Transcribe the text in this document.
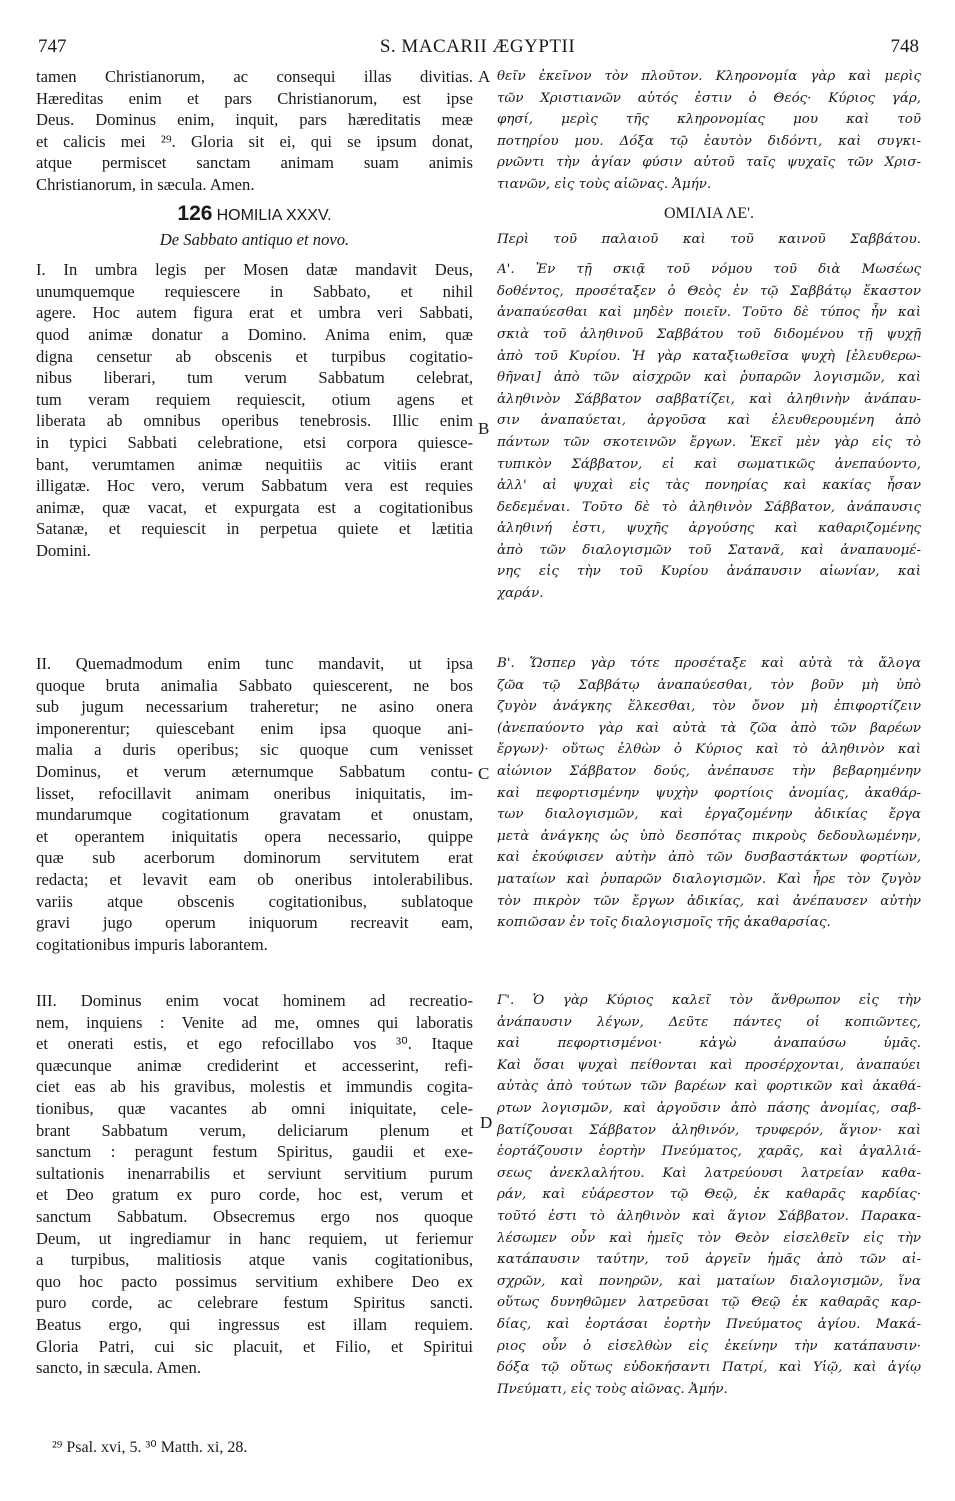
747	S. MACARII ÆGYPTII	748
tamen Christianorum, ac consequi illas divitias.
Hæreditas enim et pars Christianorum, est ipse
Deus. Dominus enim, inquit, pars hæreditatis meæ
et calicis mei ²⁹. Gloria sit ei, qui se ipsum donat,
atque permiscet sanctam animam suam animis
Christianorum, in sæcula. Amen.
126 HOMILIA XXXV.
De Sabbato antiquo et novo.
I. In umbra legis per Mosen datæ mandavit Deus,
unumquemque requiescere in Sabbato, et nihil
agere. Hoc autem figura erat et umbra veri Sabbati,
quod animæ donatur a Domino. Anima enim, quæ
digna censetur ab obscenis et turpibus cogitatio-
nibus liberari, tum verum Sabbatum celebrat,
tum veram requiem requiescit, otium agens et
liberata ab omnibus operibus tenebrosis. Illic enim
in typici Sabbati celebratione, etsi corpora quiesce-
bant, verumtamen animæ nequitiis ac vitiis erant
illigatæ. Hoc vero, verum Sabbatum vera est requies
animæ, quæ vacat, et expurgata est a cogitationibus
Satanæ, et requiescit in perpetua quiete et lætitia
Domini.
II. Quemadmodum enim tunc mandavit, ut ipsa
quoque bruta animalia Sabbato quiescerent, ne bos
sub jugum necessarium traheretur; ne asino onera
imponerentur; quiescebant enim ipsa quoque ani-
malia a duris operibus; sic quoque cum venisset
Dominus, et verum æternumque Sabbatum contu-
lisset, refocillavit animam oneribus iniquitatis, im-
mundarumque cogitationum gravatam et onustam,
et operantem iniquitatis opera necessario, quippe
quæ sub acerborum dominorum servitutem erat
redacta; et levavit eam ob oneribus intolerabilibus.
variis atque obscenis cogitationibus, sublatoque
gravi jugo operum iniquorum recreavit eam,
cogitationibus impuris laborantem.
III. Dominus enim vocat hominem ad recreatio-
nem, inquiens : Venite ad me, omnes qui laboratis
et onerati estis, et ego refocillabo vos ³⁰. Itaque
quæcunque animæ crediderint et accesserint, refi-
ciet eas ab his gravibus, molestis et immundis cogita-
tionibus, quæ vacantes ab omni iniquitate, cele-
brant Sabbatum verum, deliciarum plenum et
sanctum : peragunt festum Spiritus, gaudii et exe-
sultationis inenarrabilis et serviunt servitium purum
et Deo gratum ex puro corde, hoc est, verum et
sanctum Sabbatum. Obsecremus ergo nos quoque
Deum, ut ingrediamur in hanc requiem, ut feriemur
a turpibus, malitiosis atque vanis cogitationibus,
quo hoc pacto possimus servitium exhibere Deo ex
puro corde, ac celebrare festum Spiritus sancti.
Beatus ergo, qui ingressus est illam requiem.
Gloria Patri, cui sic placuit, et Filio, et Spiritui
sancto, in sæcula. Amen.
A
B
C
D
θεῖν ἐκεῖνον τὸν πλοῦτον. Κληρονομία γὰρ καὶ μερὶς
τῶν Χριστιανῶν αὐτός ἐστιν ὁ Θεός· Κύριος γάρ,
φησί, μερὶς τῆς κληρονομίας μου καὶ τοῦ
ποτηρίου μου. Δόξα τῷ ἑαυτὸν διδόντι, καὶ συγκι-
ρνῶντι τὴν ἁγίαν φύσιν αὐτοῦ ταῖς ψυχαῖς τῶν Χρισ-
τιανῶν, εἰς τοὺς αἰῶνας. Ἀμήν.
ΟΜΙΛΙΑ ΛΕ'.
Περὶ τοῦ παλαιοῦ καὶ τοῦ καινοῦ Σαββάτου.
Α'. Ἐν τῇ σκιᾷ τοῦ νόμου τοῦ διὰ Μωσέως
δοθέντος, προσέταξεν ὁ Θεὸς ἐν τῷ Σαββάτῳ ἕκαστον
ἀναπαύεσθαι καὶ μηδὲν ποιεῖν. Τοῦτο δὲ τύπος ἦν καὶ
σκιὰ τοῦ ἀληθινοῦ Σαββάτου τοῦ διδομένου τῇ ψυχῇ
ἀπὸ τοῦ Κυρίου. Ἡ γὰρ καταξιωθεῖσα ψυχὴ [ἐλευθερω-
θῆναι] ἀπὸ τῶν αἰσχρῶν καὶ ῥυπαρῶν λογισμῶν, καὶ
ἀληθινὸν Σάββατον σαββατίζει, καὶ ἀληθινὴν ἀνάπαυ-
σιν ἀναπαύεται, ἀργοῦσα καὶ ἐλευθερουμένη ἀπὸ
πάντων τῶν σκοτεινῶν ἔργων. Ἐκεῖ μὲν γὰρ εἰς τὸ
τυπικὸν Σάββατον, εἰ καὶ σωματικῶς ἀνεπαύοντο,
ἀλλ' αἱ ψυχαὶ εἰς τὰς πονηρίας καὶ κακίας ἦσαν
δεδεμέναι. Τοῦτο δὲ τὸ ἀληθινὸν Σάββατον, ἀνάπαυσις
ἀληθινή ἐστι, ψυχῆς ἀργούσης καὶ καθαριζομένης
ἀπὸ τῶν διαλογισμῶν τοῦ Σατανᾶ, καὶ ἀναπαυομέ-
νης εἰς τὴν τοῦ Κυρίου ἀνάπαυσιν αἰωνίαν, καὶ
χαράν.
Β'. Ὥσπερ γὰρ τότε προσέταξε καὶ αὐτὰ τὰ ἄλογα
ζῶα τῷ Σαββάτῳ ἀναπαύεσθαι, τὸν βοῦν μὴ ὑπὸ
ζυγὸν ἀνάγκης ἕλκεσθαι, τὸν ὄνον μὴ ἐπιφορτίζειν
(ἀνεπαύοντο γὰρ καὶ αὐτὰ τὰ ζῶα ἀπὸ τῶν βαρέων
ἔργων)· οὕτως ἐλθὼν ὁ Κύριος καὶ τὸ ἀληθινὸν καὶ
αἰώνιον Σάββατον δούς, ἀνέπαυσε τὴν βεβαρημένην
καὶ πεφορτισμένην ψυχὴν φορτίοις ἀνομίας, ἀκαθάρ-
των διαλογισμῶν, καὶ ἐργαζομένην ἀδικίας ἔργα
μετὰ ἀνάγκης ὡς ὑπὸ δεσπότας πικροὺς δεδουλωμένην,
καὶ ἐκούφισεν αὐτὴν ἀπὸ τῶν δυσβαστάκτων φορτίων,
ματαίων καὶ ῥυπαρῶν διαλογισμῶν. Καὶ ἦρε τὸν ζυγὸν
τὸν πικρὸν τῶν ἔργων ἀδικίας, καὶ ἀνέπαυσεν αὐτὴν
κοπιῶσαν ἐν τοῖς διαλογισμοῖς τῆς ἀκαθαρσίας.
Γ'. Ὁ γὰρ Κύριος καλεῖ τὸν ἄνθρωπον εἰς τὴν
ἀνάπαυσιν λέγων, Δεῦτε πάντες οἱ κοπιῶντες,
καὶ πεφορτισμένοι· κἀγὼ ἀναπαύσω ὑμᾶς.
Καὶ ὅσαι ψυχαὶ πείθονται καὶ προσέρχονται, ἀναπαύει
αὐτὰς ἀπὸ τούτων τῶν βαρέων καὶ φορτικῶν καὶ ἀκαθά-
ρτων λογισμῶν, καὶ ἀργοῦσιν ἀπὸ πάσης ἀνομίας, σαβ-
βατίζουσαι Σάββατον ἀληθινόν, τρυφερόν, ἅγιον· καὶ
ἑορτάζουσιν ἑορτὴν Πνεύματος, χαρᾶς, καὶ ἀγαλλιά-
σεως ἀνεκλαλήτου. Καὶ λατρεύουσι λατρείαν καθα-
ράν, καὶ εὐάρεστον τῷ Θεῷ, ἐκ καθαρᾶς καρδίας·
τοῦτό ἐστι τὸ ἀληθινὸν καὶ ἅγιον Σάββατον. Παρακα-
λέσωμεν οὖν καὶ ἡμεῖς τὸν Θεὸν εἰσελθεῖν εἰς τὴν
κατάπαυσιν ταύτην, τοῦ ἀργεῖν ἡμᾶς ἀπὸ τῶν αἰ-
σχρῶν, καὶ πονηρῶν, καὶ ματαίων διαλογισμῶν, ἵνα
οὕτως δυνηθῶμεν λατρεῦσαι τῷ Θεῷ ἐκ καθαρᾶς καρ-
δίας, καὶ ἑορτάσαι ἑορτὴν Πνεύματος ἁγίου. Μακά-
ριος οὖν ὁ εἰσελθὼν εἰς ἐκείνην τὴν κατάπαυσιν·
δόξα τῷ οὕτως εὐδοκήσαντι Πατρί, καὶ Υἱῷ, καὶ ἁγίῳ
Πνεύματι, εἰς τοὺς αἰῶνας. Ἀμήν.
²⁹ Psal. xvi, 5. ³⁰ Matth. xi, 28.
